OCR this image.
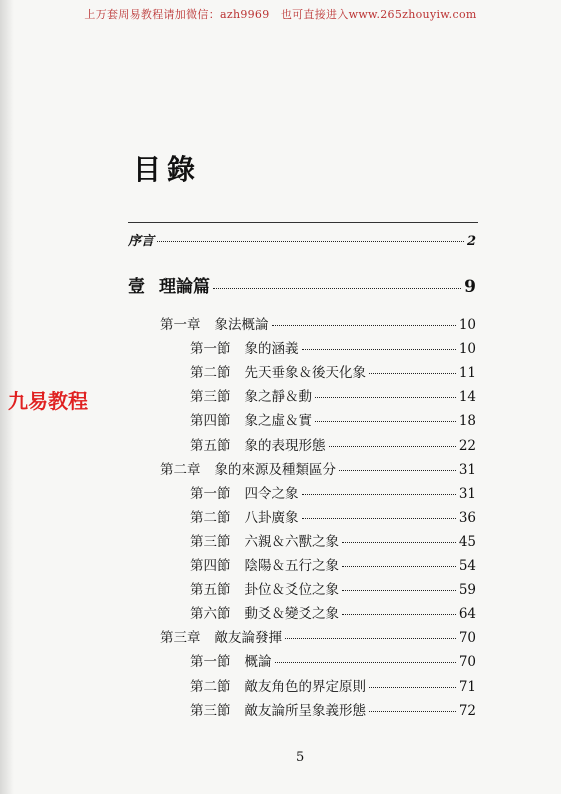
上万套周易教程请加微信：azh9969　也可直接进入www.265zhouyiw.com
九易教程
目錄
序言	2
壹 理論篇	9
第一章 象法概論	10
第一節 象的涵義	10
第二節 先天垂象＆後天化象	11
第三節 象之靜＆動	14
第四節 象之虛＆實	18
第五節 象的表現形態	22
第二章 象的來源及種類區分	31
第一節 四令之象	31
第二節 八卦廣象	36
第三節 六親＆六獸之象	45
第四節 陰陽＆五行之象	54
第五節 卦位＆爻位之象	59
第六節 動爻＆變爻之象	64
第三章 敵友論發揮	70
第一節 概論	70
第二節 敵友角色的界定原則	71
第三節 敵友論所呈象義形態	72
5
